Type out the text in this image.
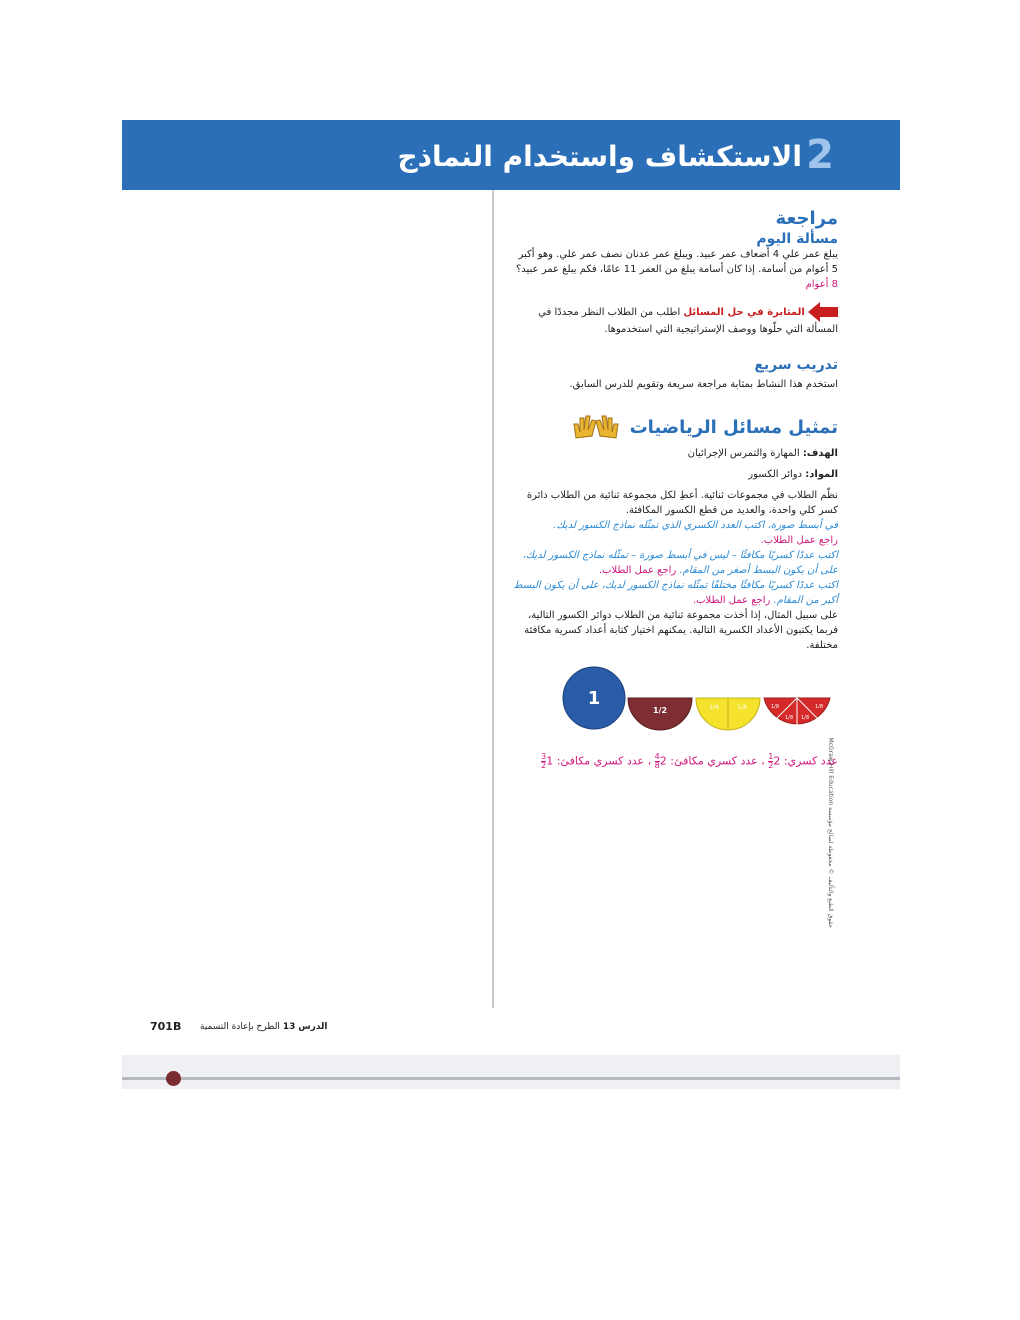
2
الاستكشاف واستخدام النماذج
مراجعة
مسألة اليوم

يبلغ عمر علي 4 أضعاف عمر عبيد. ويبلغ عمر عدنان نصف عمر علي. وهو أكبر 5 أعوام من أسامة. إذا كان أسامة يبلغ من العمر 11 عامًا، فكم يبلغ عمر عبيد؟ 8 أعوام

المثابرة في حل المسائل اطلب من الطلاب النظر مجددًا في المسألة التي حلّوها ووصف الإستراتيجية التي استخدموها.

تدريب سريع

استخدم هذا النشاط بمثابة مراجعة سريعة وتقويم للدرس السابق.

تمثيل مسائل الرياضيات

الهدف: المهارة والتمرس الإجرائيان

المواد: دوائر الكسور

نظّم الطلاب في مجموعات ثنائية. أعطِ لكل مجموعة ثنائية من الطلاب دائرة كسر كلي واحدة، والعديد من قطع الكسور المكافئة.

في أبسط صورة، اكتب العدد الكسري الذي تمثّله نماذج الكسور لديك.

راجع عمل الطلاب.

اكتب عددًا كسريًا مكافئًا – ليس في أبسط صورة – تمثّله نماذج الكسور لديك، على أن يكون البسط أصغر من المقام. راجع عمل الطلاب.

اكتب عددًا كسريًا مكافئًا مختلفًا تمثّله نماذج الكسور لديك، على أن يكون البسط أكبر من المقام. راجع عمل الطلاب.

على سبيل المثال، إذا أخذت مجموعة ثنائية من الطلاب دوائر الكسور التالية، فربما يكتبون الأعداد الكسرية التالية. يمكنهم اختيار كتابة أعداد كسرية مكافئة مختلفة.

1
1/2	1/4	1/4	1/8
1/8 1/8
1/8
عدد كسري: 2
$\frac{1}{2}$
، عدد كسري مكافئ: 2
$\frac{4}{8}$
، عدد كسري مكافئ: 1
$\frac{3}{2}$	حقوق الطبع والتأليف © محفوظة لصالح مؤسسة McGraw-Hill Education
701B	الدرس 13 الطرح بإعادة التسمية
